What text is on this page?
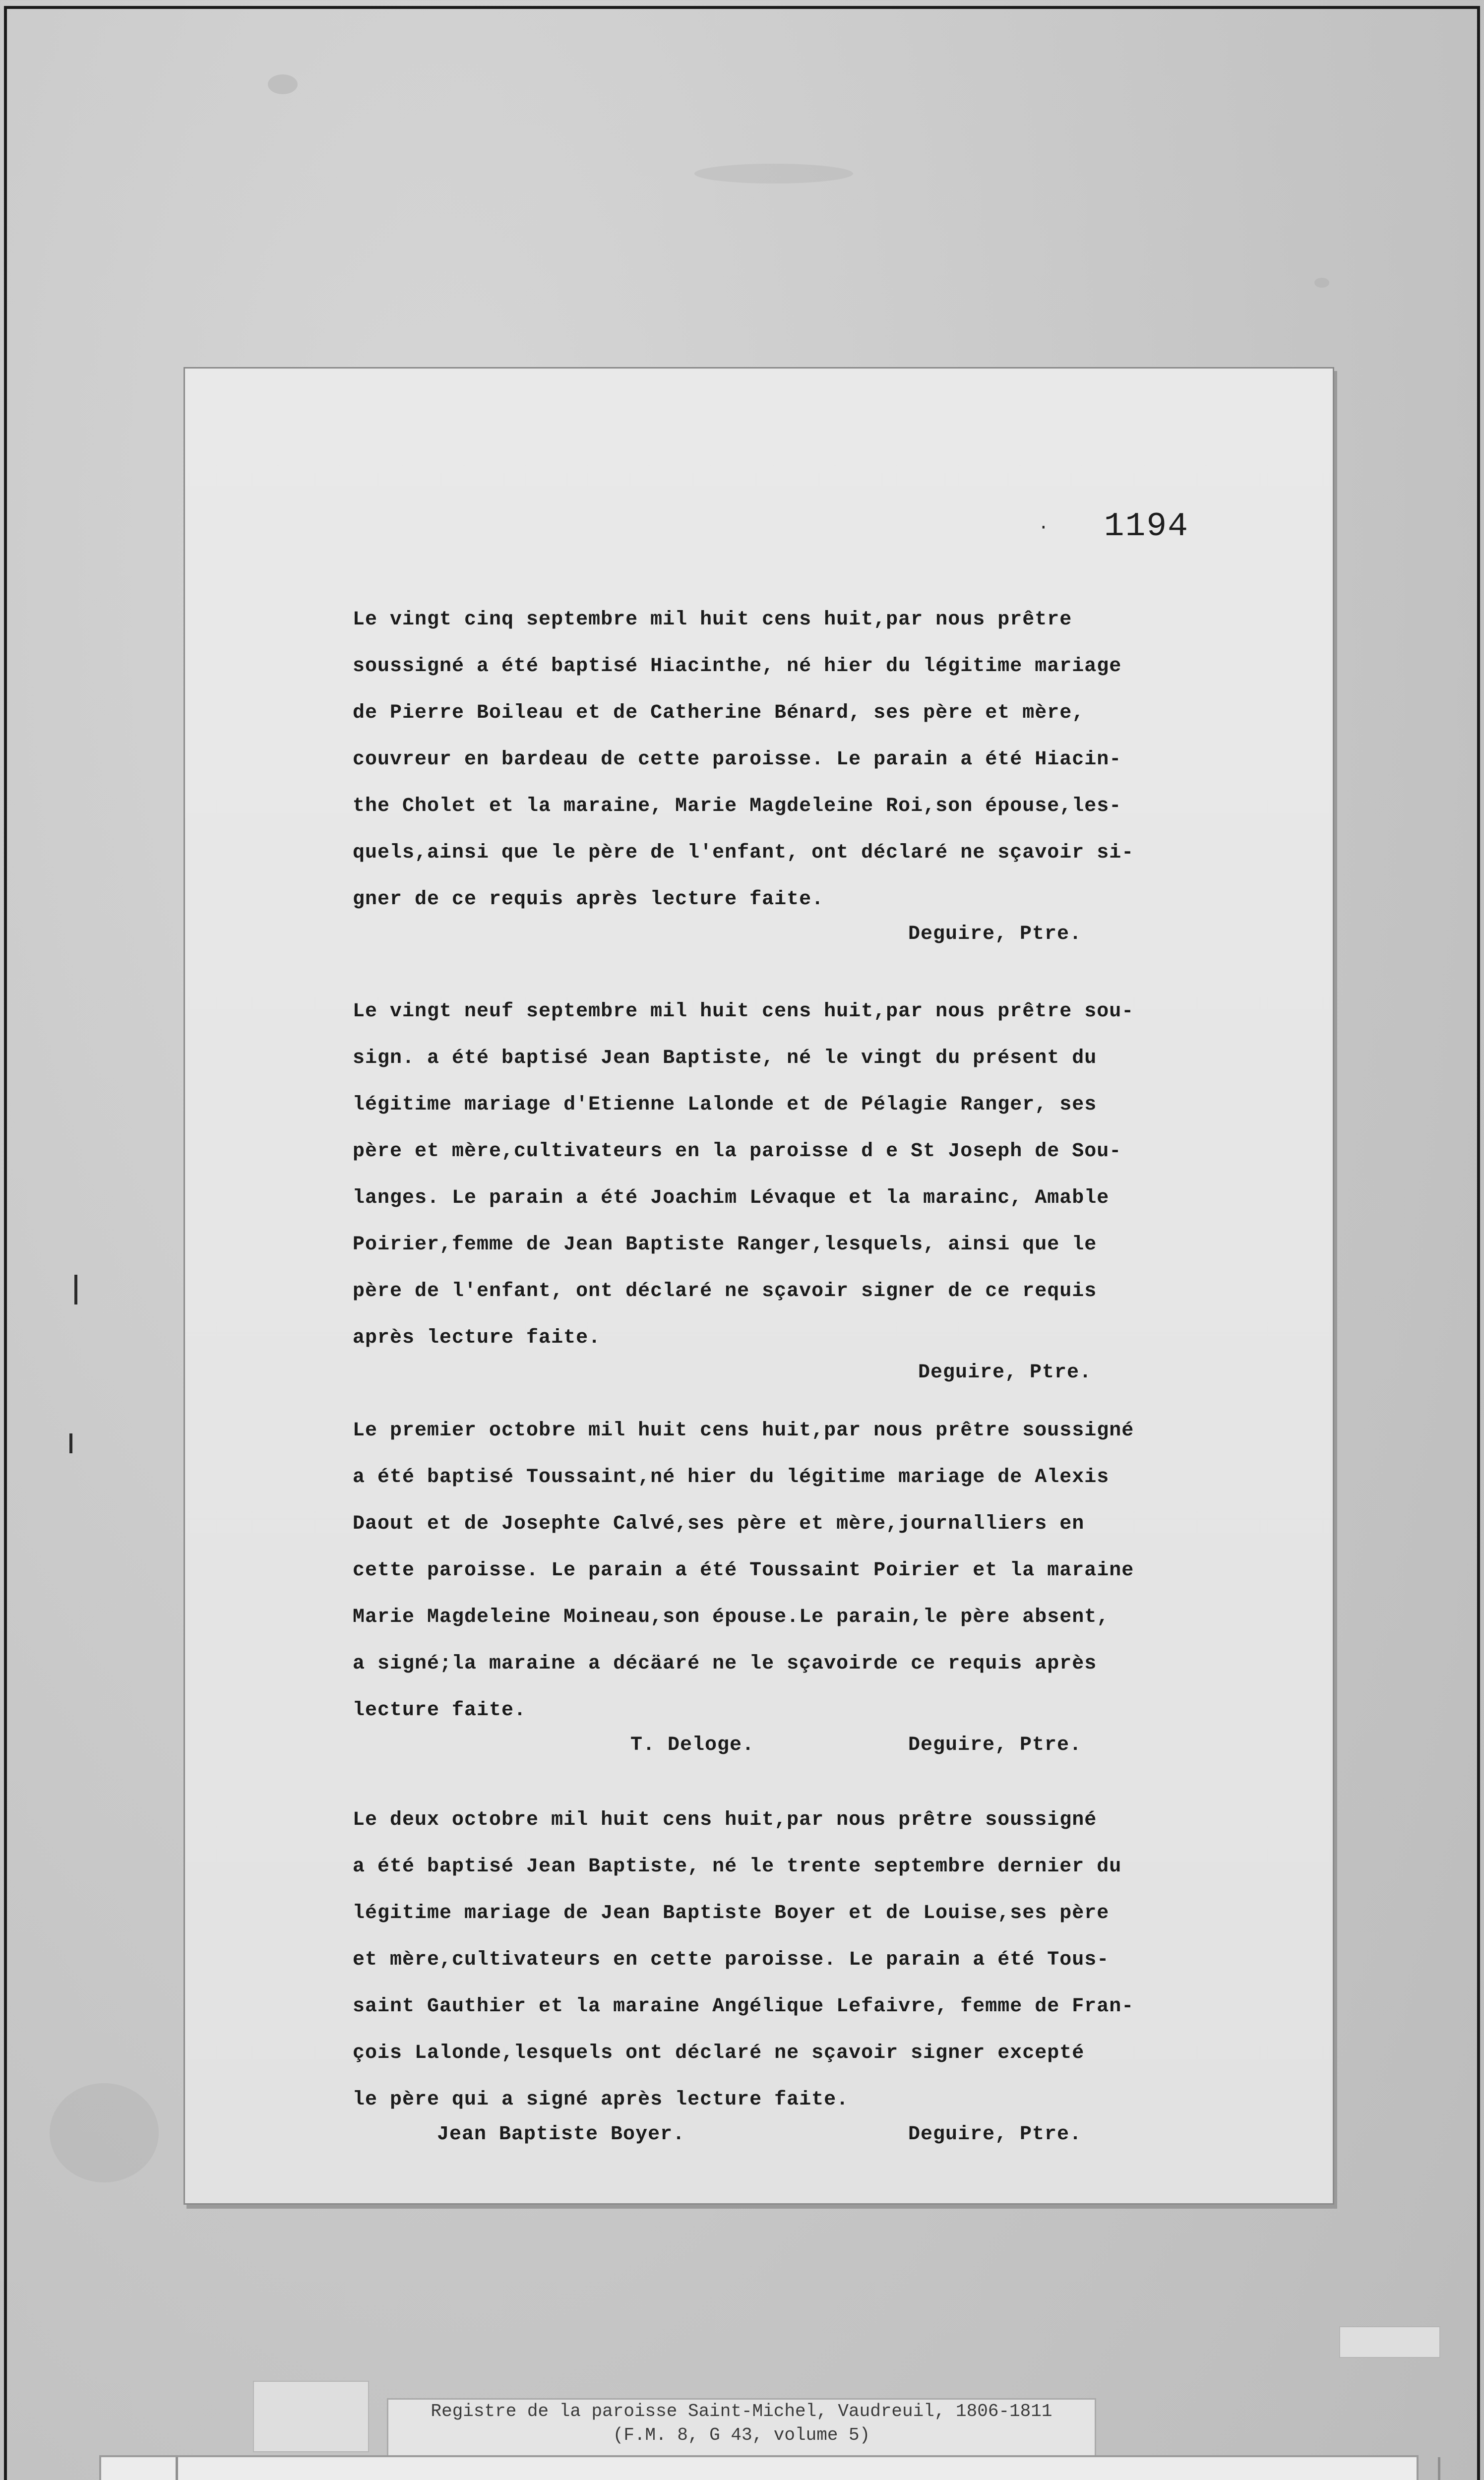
· 1194
Le vingt cinq septembre mil huit cens huit,par nous prêtre
soussigné a été baptisé Hiacinthe, né hier du légitime mariage
de Pierre Boileau et de Catherine Bénard, ses père et mère,
couvreur en bardeau de cette paroisse. Le parain a été Hiacin-
the Cholet et la maraine, Marie Magdeleine Roi,son épouse,les-
quels,ainsi que le père de l'enfant, ont déclaré ne sçavoir si-
gner de ce requis après lecture faite.
Deguire, Ptre.
Le vingt neuf septembre mil huit cens huit,par nous prêtre sou-
sign. a été baptisé Jean Baptiste, né le vingt du présent du
légitime mariage d'Etienne Lalonde et de Pélagie Ranger, ses
père et mère,cultivateurs en la paroisse d e St Joseph de Sou-
langes. Le parain a été Joachim Lévaque et la marainc, Amable
Poirier,femme de Jean Baptiste Ranger,lesquels, ainsi que le
père de l'enfant, ont déclaré ne sçavoir signer de ce requis
après lecture faite.
Deguire, Ptre.
Le premier octobre mil huit cens huit,par nous prêtre soussigné
a été baptisé Toussaint,né hier du légitime mariage de Alexis
Daout et de Josephte Calvé,ses père et mère,journalliers en
cette paroisse. Le parain a été Toussaint Poirier et la maraine
Marie Magdeleine Moineau,son épouse.Le parain,le père absent,
a signé;la maraine a décäaré ne le sçavoirde ce requis après
lecture faite.
T. Deloge.	Deguire, Ptre.
Le deux octobre mil huit cens huit,par nous prêtre soussigné
a été baptisé Jean Baptiste, né le trente septembre dernier du
légitime mariage de Jean Baptiste Boyer et de Louise,ses père
et mère,cultivateurs en cette paroisse. Le parain a été Tous-
saint Gauthier et la maraine Angélique Lefaivre, femme de Fran-
çois Lalonde,lesquels ont déclaré ne sçavoir signer excepté
le père qui a signé après lecture faite.
Jean Baptiste Boyer.	Deguire, Ptre.
Registre de la paroisse Saint-Michel, Vaudreuil, 1806-1811
(F.M. 8, G 43, volume 5)
